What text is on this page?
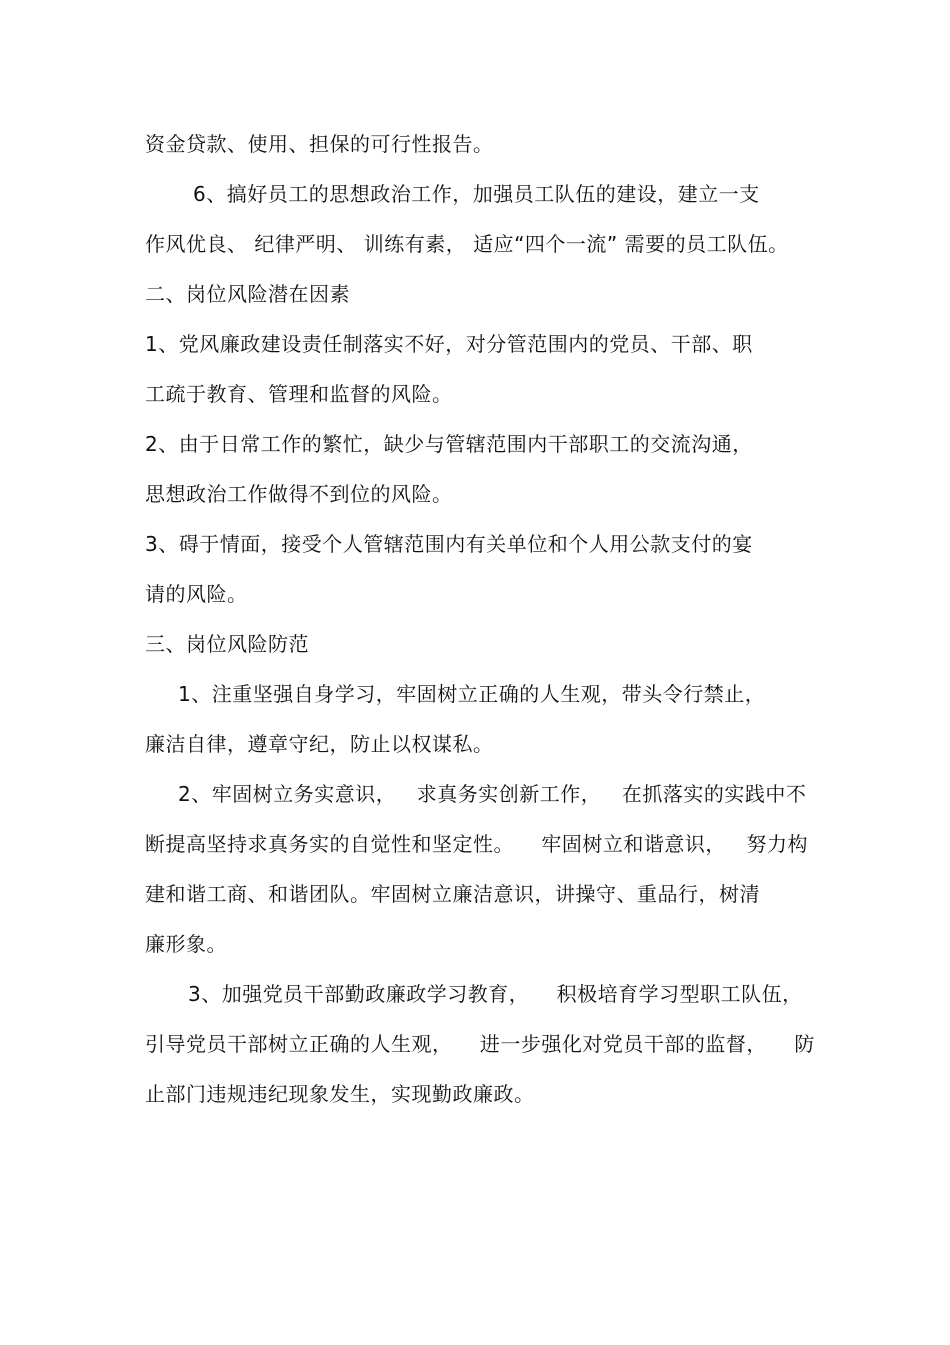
资金贷款、使用、担保的可行性报告。
6、搞好员工的思想政治工作，加强员工队伍的建设，建立一支
作风优良、 纪律严明、 训练有素， 适应“四个一流” 需要的员工队伍。
二、岗位风险潜在因素
1、党风廉政建设责任制落实不好，对分管范围内的党员、干部、职
工疏于教育、管理和监督的风险。
2、由于日常工作的繁忙，缺少与管辖范围内干部职工的交流沟通，
思想政治工作做得不到位的风险。
3、碍于情面，接受个人管辖范围内有关单位和个人用公款支付的宴
请的风险。
三、岗位风险防范
1、注重坚强自身学习，牢固树立正确的人生观，带头令行禁止，
廉洁自律，遵章守纪，防止以权谋私。
2、牢固树立务实意识，   求真务实创新工作，   在抓落实的实践中不
断提高坚持求真务实的自觉性和坚定性。    牢固树立和谐意识，   努力构
建和谐工商、和谐团队。牢固树立廉洁意识，讲操守、重品行，树清
廉形象。
3、加强党员干部勤政廉政学习教育，    积极培育学习型职工队伍，
引导党员干部树立正确的人生观，    进一步强化对党员干部的监督，    防
止部门违规违纪现象发生，实现勤政廉政。
